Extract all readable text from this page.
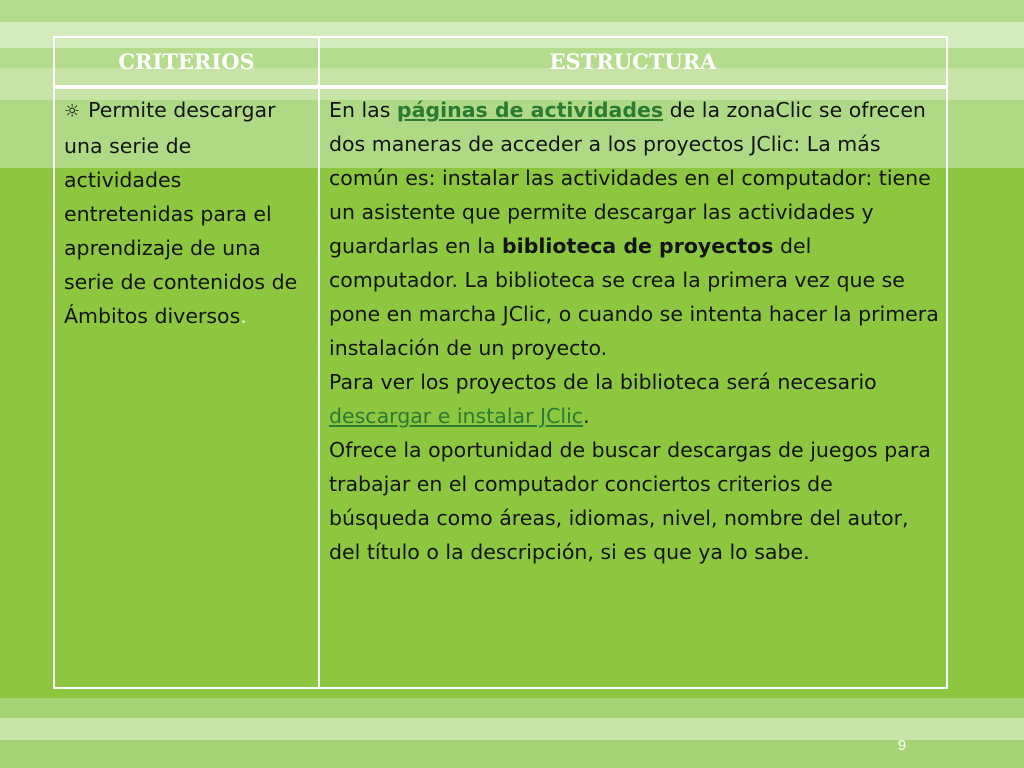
CRITERIOS	ESTRUCTURA

☼ Permite descargar una serie de actividades entretenidas para el aprendizaje de una serie de contenidos de Ámbitos diversos.	En las páginas de actividades de la zonaClic se ofrecen dos maneras de acceder a los proyectos JClic: La más común es: instalar las actividades en el computador: tiene un asistente que permite descargar las actividades y guardarlas en la biblioteca de proyectos del computador. La biblioteca se crea la primera vez que se pone en marcha JClic, o cuando se intenta hacer la primera instalación de un proyecto.

Para ver los proyectos de la biblioteca será necesario descargar e instalar JClic.

Ofrece la oportunidad de buscar descargas de juegos para trabajar en el computador conciertos criterios de búsqueda como áreas, idiomas, nivel, nombre del autor, del título o la descripción, si es que ya lo sabe.

9
